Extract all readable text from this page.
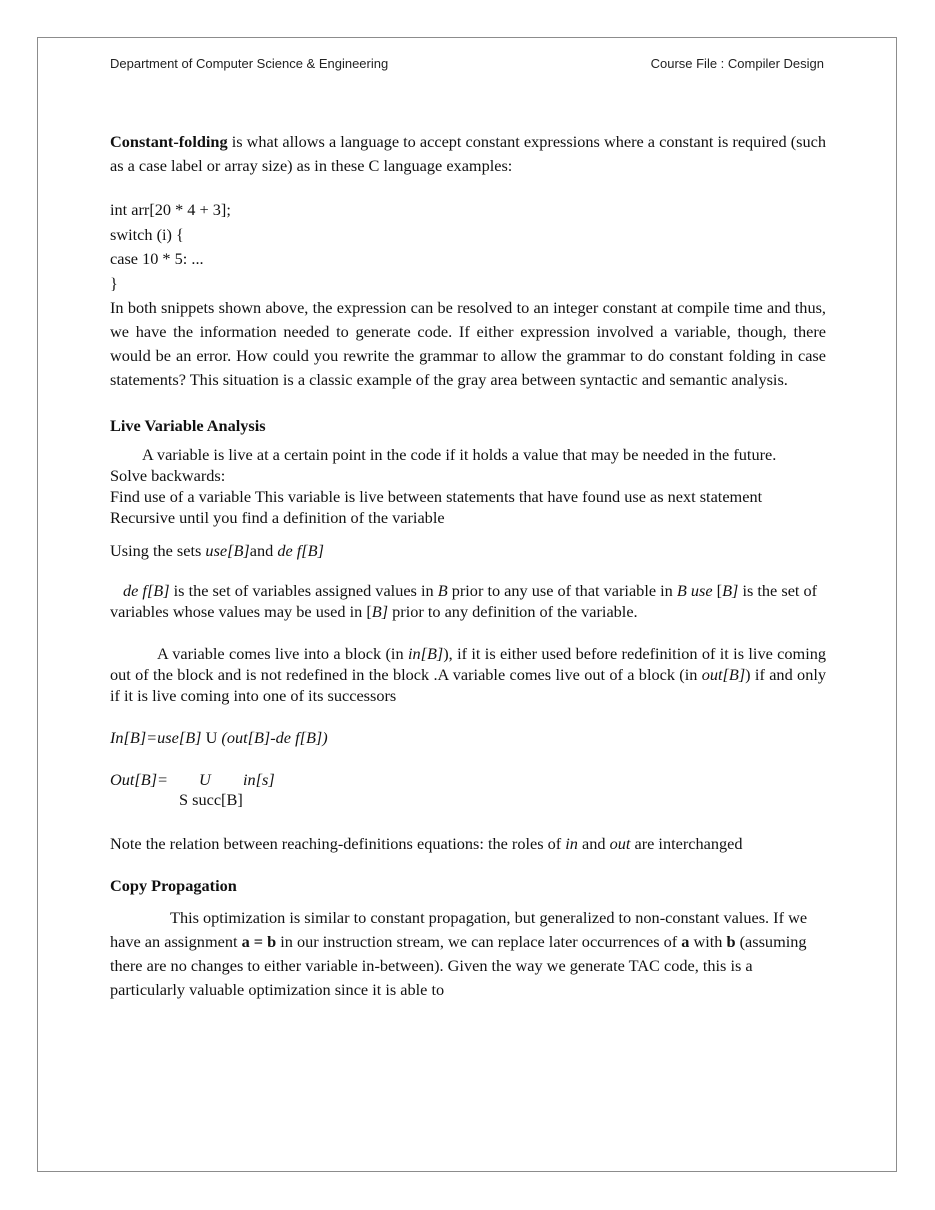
Department of Computer Science & Engineering	Course File : Compiler Design

Constant-folding is what allows a language to accept constant expressions where a constant is required (such as a case label or array size) as in these C language examples:

int arr[20 * 4 + 3];

switch (i) {

case 10 * 5: ...

}

In both snippets shown above, the expression can be resolved to an integer constant at compile time and thus, we have the information needed to generate code. If either expression involved a variable, though, there would be an error. How could you rewrite the grammar to allow the grammar to do constant folding in case statements? This situation is a classic example of the gray area between syntactic and semantic analysis.

Live Variable Analysis

A variable is live at a certain point in the code if it holds a value that may be needed in the future.

Solve backwards:

Find use of a variable This variable is live between statements that have found use as next statement Recursive until you find a definition of the variable

Using the sets use[B]and de f[B]

de f[B] is the set of variables assigned values in B prior to any use of that variable in B use [B] is the set of variables whose values may be used in [B] prior to any definition of the variable.

A variable comes live into a block (in in[B]), if it is either used before redefinition of it is live coming out of the block and is not redefined in the block .A variable comes live out of a block (in out[B]) if and only if it is live coming into one of its successors

In[B]=use[B] U (out[B]-de f[B])

Out[B]= U in[s]
S succ[B]

Note the relation between reaching-definitions equations: the roles of in and out are interchanged

Copy Propagation

This optimization is similar to constant propagation, but generalized to non-constant values. If we have an assignment a = b in our instruction stream, we can replace later occurrences of a with b (assuming there are no changes to either variable in-between). Given the way we generate TAC code, this is a particularly valuable optimization since it is able to
